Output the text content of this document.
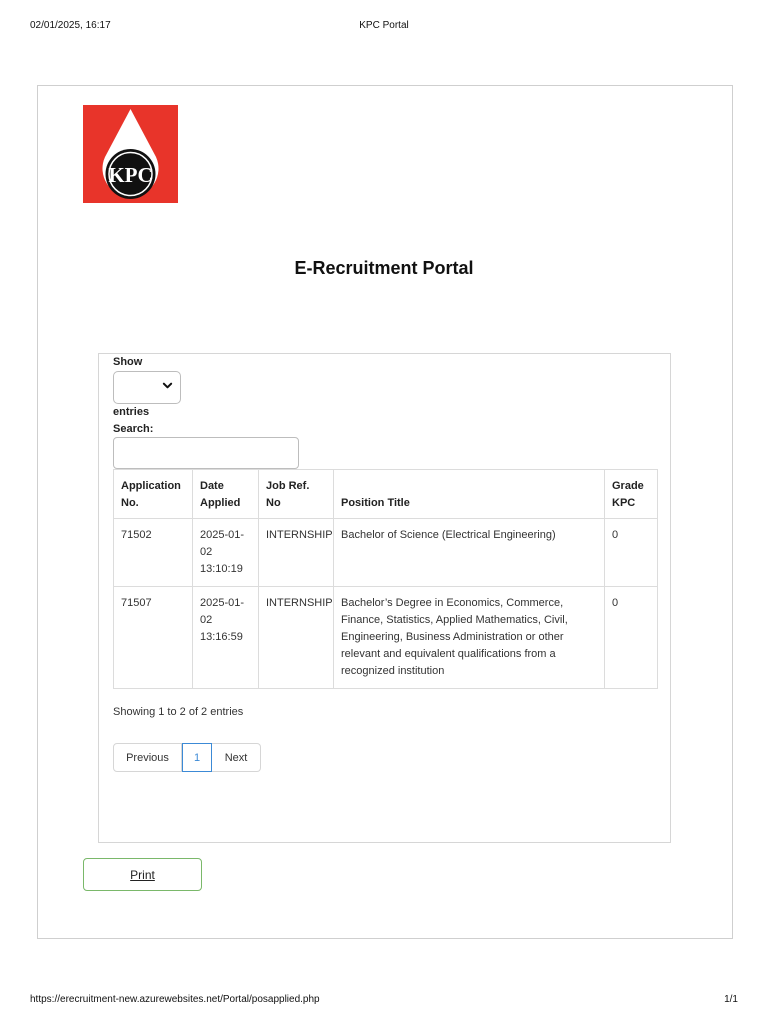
02/01/2025, 16:17	KPC Portal
KPC
E-Recruitment Portal
Show
entries
Search:
Application No.	Date Applied	Job Ref. No	Position Title	Grade KPC
71502	2025-01-02 13:10:19	INTERNSHIP	Bachelor of Science (Electrical Engineering)	0
71507	2025-01-02 13:16:59	INTERNSHIP	Bachelor’s Degree in Economics, Commerce, Finance, Statistics, Applied Mathematics, Civil, Engineering, Business Administration or other relevant and equivalent qualifications from a recognized institution	0
Showing 1 to 2 of 2 entries
Previous	1	Next
Print
https://erecruitment-new.azurewebsites.net/Portal/posapplied.php	1/1
